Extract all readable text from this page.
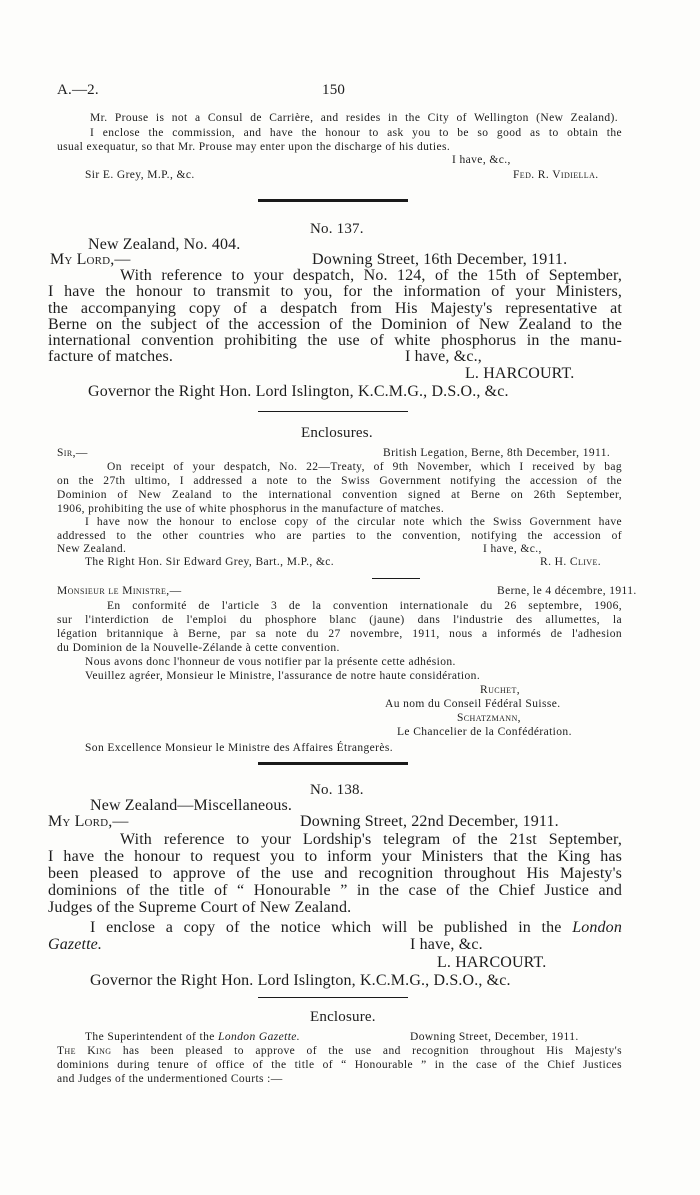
A.—2.	150
Mr. Prouse is not a Consul de Carrière, and resides in the City of Wellington (New Zealand).
I enclose the commission, and have the honour to ask you to be so good as to obtain the
usual exequatur, so that Mr. Prouse may enter upon the discharge of his duties.
I have, &c.,
Sir E. Grey, M.P., &c.	Fed. R. Vidiella.
No. 137.
New Zealand, No. 404.
My Lord,—	Downing Street, 16th December, 1911.
With reference to your despatch, No. 124, of the 15th of September,
I have the honour to transmit to you, for the information of your Ministers,
the accompanying copy of a despatch from His Majesty's representative at
Berne on the subject of the accession of the Dominion of New Zealand to the
international convention prohibiting the use of white phosphorus in the manu-
facture of matches.	I have, &c.,
L. HARCOURT.
Governor the Right Hon. Lord Islington, K.C.M.G., D.S.O., &c.
Enclosures.
Sir,—	British Legation, Berne, 8th December, 1911.
On receipt of your despatch, No. 22—Treaty, of 9th November, which I received by bag
on the 27th ultimo, I addressed a note to the Swiss Government notifying the accession of the
Dominion of New Zealand to the international convention signed at Berne on 26th September,
1906, prohibiting the use of white phosphorus in the manufacture of matches.
I have now the honour to enclose copy of the circular note which the Swiss Government have
addressed to the other countries who are parties to the convention, notifying the accession of
New Zealand.	I have, &c.,
The Right Hon. Sir Edward Grey, Bart., M.P., &c.	R. H. Clive.
Monsieur le Ministre,—	Berne, le 4 décembre, 1911.
En conformité de l'article 3 de la convention internationale du 26 septembre, 1906,
sur l'interdiction de l'emploi du phosphore blanc (jaune) dans l'industrie des allumettes, la
légation britannique à Berne, par sa note du 27 novembre, 1911, nous a informés de l'adhesion
du Dominion de la Nouvelle-Zélande à cette convention.
Nous avons donc l'honneur de vous notifier par la présente cette adhésion.
Veuillez agréer, Monsieur le Ministre, l'assurance de notre haute considération.
Ruchet,
Au nom du Conseil Fédéral Suisse.
Schatzmann,
Le Chancelier de la Confédération.
Son Excellence Monsieur le Ministre des Affaires Étrangerès.
No. 138.
New Zealand—Miscellaneous.
My Lord,—	Downing Street, 22nd December, 1911.
With reference to your Lordship's telegram of the 21st September,
I have the honour to request you to inform your Ministers that the King has
been pleased to approve of the use and recognition throughout His Majesty's
dominions of the title of “ Honourable ” in the case of the Chief Justice and
Judges of the Supreme Court of New Zealand.
I enclose a copy of the notice which will be published in the London
Gazette.	I have, &c.
L. HARCOURT.
Governor the Right Hon. Lord Islington, K.C.M.G., D.S.O., &c.
Enclosure.
The Superintendent of the London Gazette.	Downing Street, December, 1911.
The King has been pleased to approve of the use and recognition throughout His Majesty's
dominions during tenure of office of the title of “ Honourable ” in the case of the Chief Justices
and Judges of the undermentioned Courts :—
